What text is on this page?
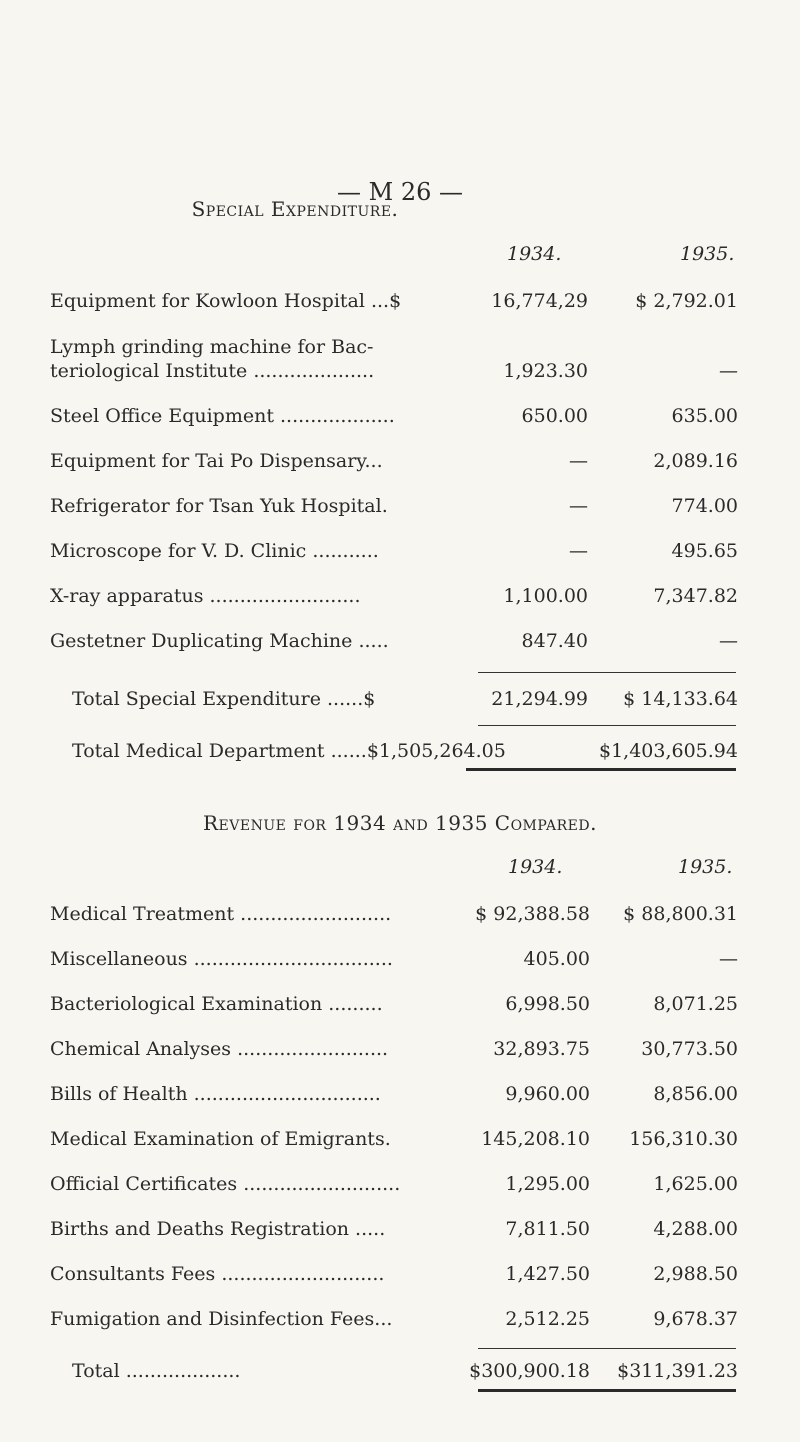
— M 26 —
Special Expenditure.
1934.	1935.
Equipment for Kowloon Hospital ...$	16,774,29 $ 2,792.01
Lymph grinding machine for Bac-
teriological Institute ....................	1,923.30	—
Steel Office Equipment ...................	650.00	635.00
Equipment for Tai Po Dispensary...	—	2,089.16
Refrigerator for Tsan Yuk Hospital.	—	774.00
Microscope for V. D. Clinic ...........	—	495.65
X-ray apparatus .........................	1,100.00	7,347.82
Gestetner Duplicating Machine .....	847.40	—
Total Special Expenditure ......$	21,294.99 $ 14,133.64
Total Medical Department ......$1,505,264.05	$1,403,605.94
Revenue for 1934 and 1935 Compared.
1934.	1935.
Medical Treatment .........................	$ 92,388.58 $ 88,800.31
Miscellaneous .................................	405.00	—
Bacteriological Examination .........	6,998.50	8,071.25
Chemical Analyses .........................	32,893.75	30,773.50
Bills of Health ...............................	9,960.00	8,856.00
Medical Examination of Emigrants.	145,208.10 156,310.30
Official Certificates ..........................	1,295.00	1,625.00
Births and Deaths Registration .....	7,811.50	4,288.00
Consultants Fees ...........................	1,427.50	2,988.50
Fumigation and Disinfection Fees...	2,512.25	9,678.37
Total ...................	$300,900.18 $311,391.23
